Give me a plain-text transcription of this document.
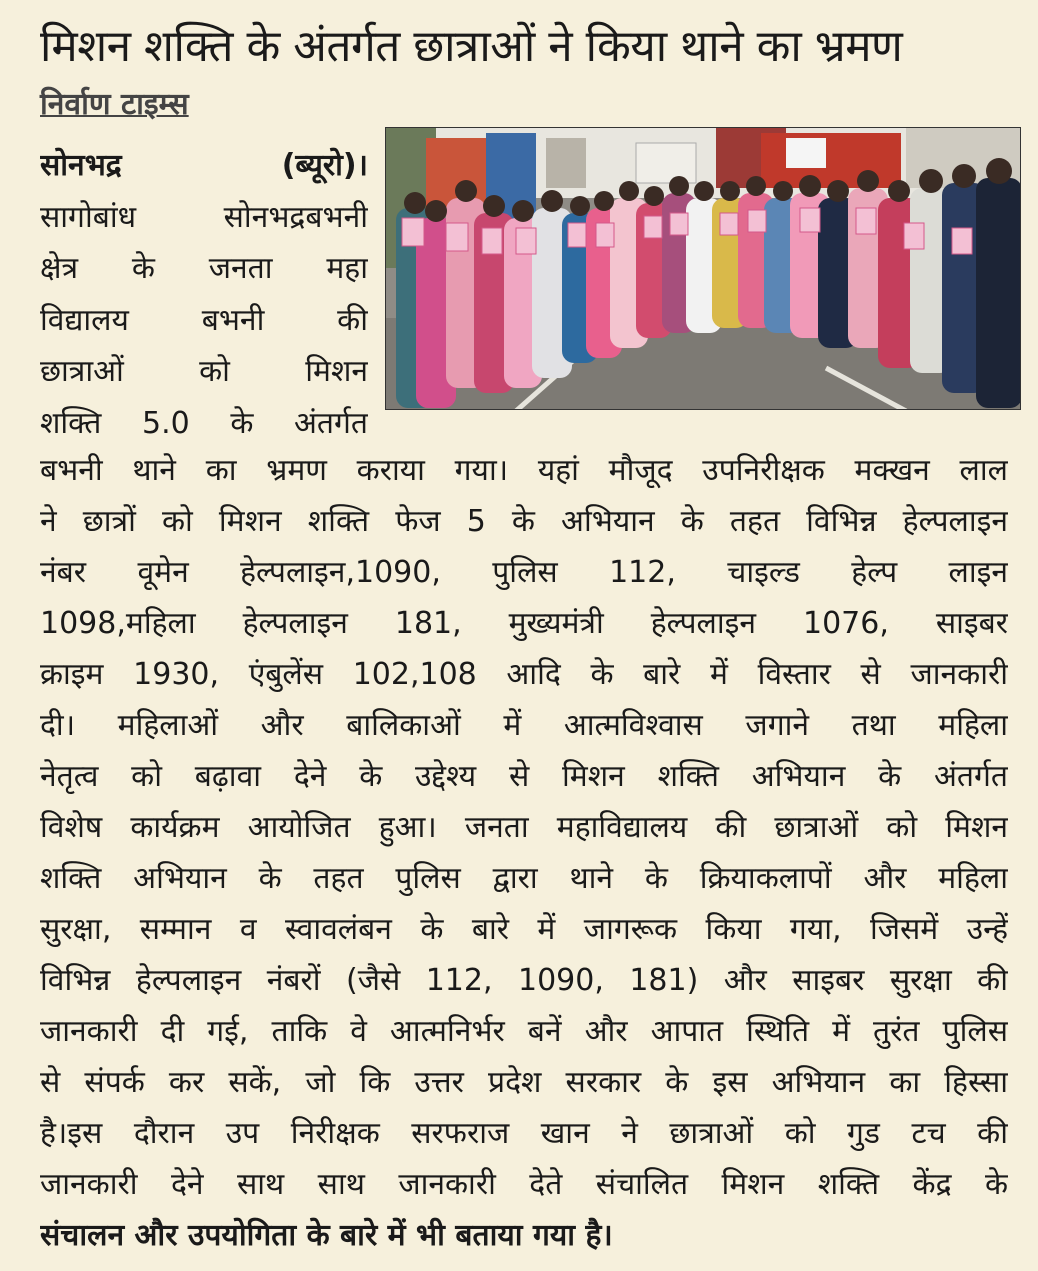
मिशन शक्ति के अंतर्गत छात्राओं ने किया थाने का भ्रमण
निर्वाण टाइम्स
सोनभद्र (ब्यूरो)।
सागोबांध सोनभद्रबभनी
क्षेत्र के जनता महा
विद्यालय बभनी की
छात्राओं को मिशन
शक्ति 5.0 के अंतर्गत
बभनी थाने का भ्रमण कराया गया। यहां मौजूद उपनिरीक्षक मक्खन लाल
ने छात्रों को मिशन शक्ति फेज 5 के अभियान के तहत विभिन्न हेल्पलाइन
नंबर वूमेन हेल्पलाइन,1090, पुलिस 112, चाइल्ड हेल्प लाइन
1098,महिला हेल्पलाइन 181, मुख्यमंत्री हेल्पलाइन 1076, साइबर
क्राइम 1930, एंबुलेंस 102,108 आदि के बारे में विस्तार से जानकारी
दी। महिलाओं और बालिकाओं में आत्मविश्वास जगाने तथा महिला
नेतृत्व को बढ़ावा देने के उद्देश्य से मिशन शक्ति अभियान के अंतर्गत
विशेष कार्यक्रम आयोजित हुआ। जनता महाविद्यालय की छात्राओं को मिशन
शक्ति अभियान के तहत पुलिस द्वारा थाने के क्रियाकलापों और महिला
सुरक्षा, सम्मान व स्वावलंबन के बारे में जागरूक किया गया, जिसमें उन्हें
विभिन्न हेल्पलाइन नंबरों (जैसे 112, 1090, 181) और साइबर सुरक्षा की
जानकारी दी गई, ताकि वे आत्मनिर्भर बनें और आपात स्थिति में तुरंत पुलिस
से संपर्क कर सकें, जो कि उत्तर प्रदेश सरकार के इस अभियान का हिस्सा
है।इस दौरान उप निरीक्षक सरफराज खान ने छात्राओं को गुड टच की
जानकारी देने साथ साथ जानकारी देते संचालित मिशन शक्ति केंद्र के
संचालन और उपयोगिता के बारे में भी बताया गया है।
